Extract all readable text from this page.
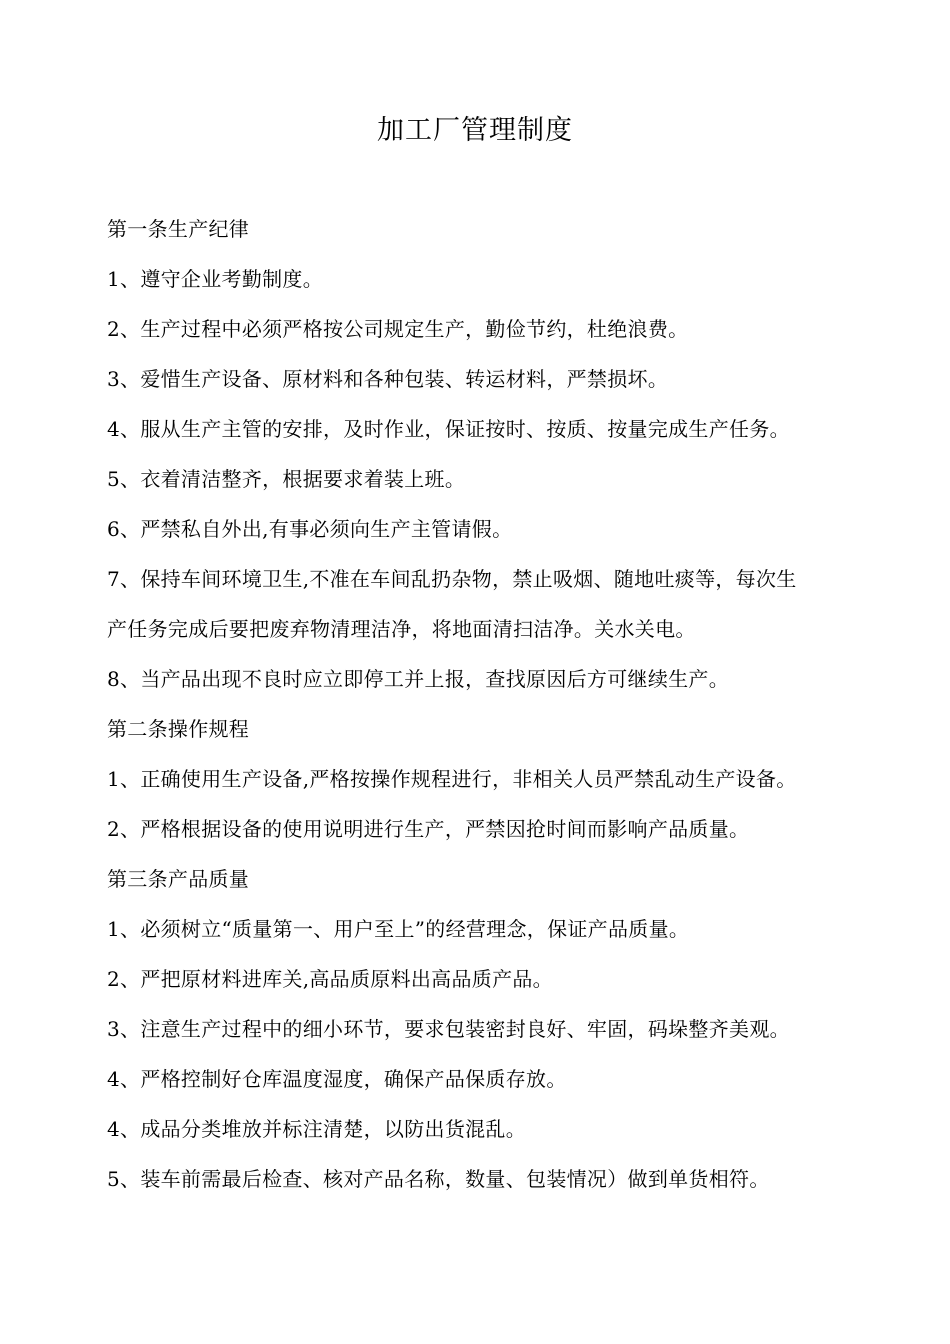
加工厂管理制度
第一条生产纪律
1、遵守企业考勤制度。
2、生产过程中必须严格按公司规定生产，勤俭节约，杜绝浪费。
3、爱惜生产设备、原材料和各种包装、转运材料，严禁损坏。
4、服从生产主管的安排，及时作业，保证按时、按质、按量完成生产任务。
5、衣着清洁整齐，根据要求着装上班。
6、严禁私自外出,有事必须向生产主管请假。
7、保持车间环境卫生,不准在车间乱扔杂物，禁止吸烟、随地吐痰等，每次生
产任务完成后要把废弃物清理洁净，将地面清扫洁净。关水关电。
8、当产品出现不良时应立即停工并上报，查找原因后方可继续生产。
第二条操作规程
1、正确使用生产设备,严格按操作规程进行，非相关人员严禁乱动生产设备。
2、严格根据设备的使用说明进行生产，严禁因抢时间而影响产品质量。
第三条产品质量
1、必须树立“质量第一、用户至上”的经营理念，保证产品质量。
2、严把原材料进库关,高品质原料出高品质产品。
3、注意生产过程中的细小环节，要求包装密封良好、牢固，码垛整齐美观。
4、严格控制好仓库温度湿度，确保产品保质存放。
4、成品分类堆放并标注清楚，以防出货混乱。
5、装车前需最后检查、核对产品名称，数量、包装情况）做到单货相符。
